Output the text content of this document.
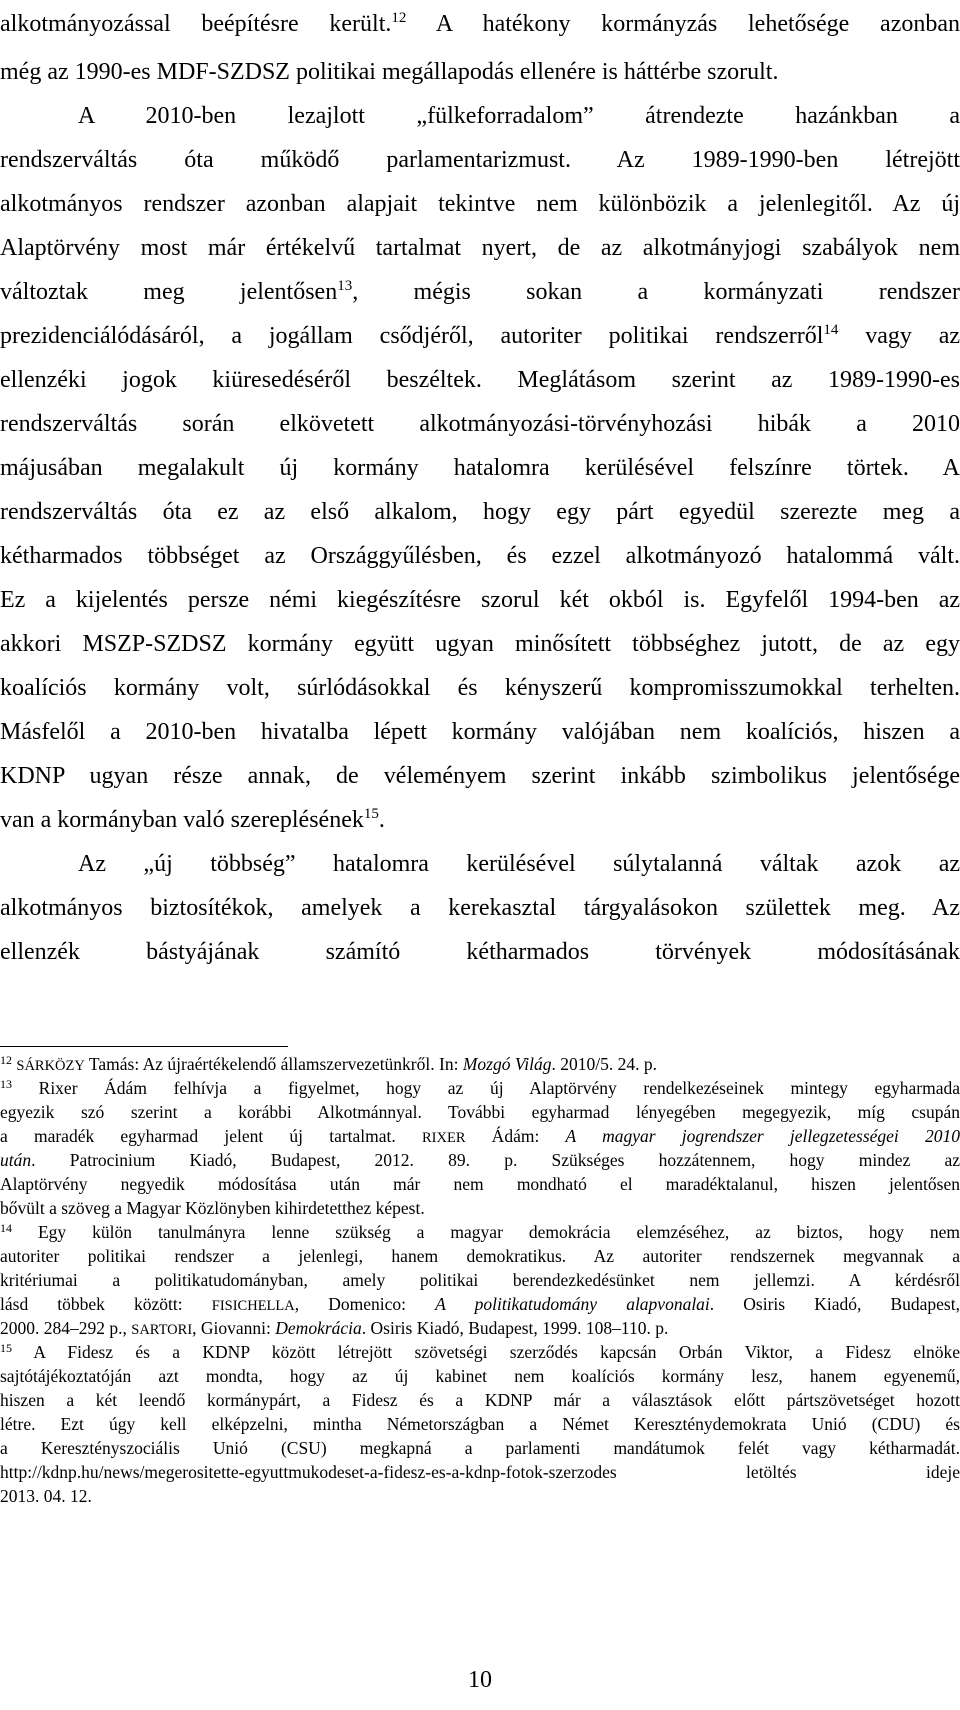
alkotmányozással beépítésre került.$^{12}$ A hatékony kormányzás lehetősége azonban
még az 1990-es MDF-SZDSZ politikai megállapodás ellenére is háttérbe szorult.
A 2010-ben lezajlott „fülkeforradalom” átrendezte hazánkban a
rendszerváltás óta működő parlamentarizmust. Az 1989-1990-ben létrejött
alkotmányos rendszer azonban alapjait tekintve nem különbözik a jelenlegitől. Az új
Alaptörvény most már értékelvű tartalmat nyert, de az alkotmányjogi szabályok nem
változtak meg jelentősen$^{13}$, mégis sokan a kormányzati rendszer
prezidenciálódásáról, a jogállam csődjéről, autoriter politikai rendszerről$^{14}$ vagy az
ellenzéki jogok kiüresedéséről beszéltek. Meglátásom szerint az 1989-1990-es
rendszerváltás során elkövetett alkotmányozási-törvényhozási hibák a 2010
májusában megalakult új kormány hatalomra kerülésével felszínre törtek. A
rendszerváltás óta ez az első alkalom, hogy egy párt egyedül szerezte meg a
kétharmados többséget az Országgyűlésben, és ezzel alkotmányozó hatalommá vált.
Ez a kijelentés persze némi kiegészítésre szorul két okból is. Egyfelől 1994-ben az
akkori MSZP-SZDSZ kormány együtt ugyan minősített többséghez jutott, de az egy
koalíciós kormány volt, súrlódásokkal és kényszerű kompromisszumokkal terhelten.
Másfelől a 2010-ben hivatalba lépett kormány valójában nem koalíciós, hiszen a
KDNP ugyan része annak, de véleményem szerint inkább szimbolikus jelentősége
van a kormányban való szereplésének$^{15}$.
Az „új többség” hatalomra kerülésével súlytalanná váltak azok az
alkotmányos biztosítékok, amelyek a kerekasztal tárgyalásokon születtek meg. Az
ellenzék bástyájának számító kétharmados törvények módosításának
$^{12}$ SÁRKÖZY Tamás: Az újraértékelendő államszervezetünkről. In: Mozgó Világ. 2010/5. 24. p.
$^{13}$ Rixer Ádám felhívja a figyelmet, hogy az új Alaptörvény rendelkezéseinek mintegy egyharmada
egyezik szó szerint a korábbi Alkotmánnyal. További egyharmad lényegében megegyezik, míg csupán
a maradék egyharmad jelent új tartalmat. RIXER Ádám: A magyar jogrendszer jellegzetességei 2010
után. Patrocinium Kiadó, Budapest, 2012. 89. p. Szükséges hozzátennem, hogy mindez az
Alaptörvény negyedik módosítása után már nem mondható el maradéktalanul, hiszen jelentősen
bővült a szöveg a Magyar Közlönyben kihirdetetthez képest.
$^{14}$ Egy külön tanulmányra lenne szükség a magyar demokrácia elemzéséhez, az biztos, hogy nem
autoriter politikai rendszer a jelenlegi, hanem demokratikus. Az autoriter rendszernek megvannak a
kritériumai a politikatudományban, amely politikai berendezkedésünket nem jellemzi. A kérdésről
lásd többek között: FISICHELLA, Domenico: A politikatudomány alapvonalai. Osiris Kiadó, Budapest,
2000. 284–292 p., SARTORI, Giovanni: Demokrácia. Osiris Kiadó, Budapest, 1999. 108–110. p.
$^{15}$ A Fidesz és a KDNP között létrejött szövetségi szerződés kapcsán Orbán Viktor, a Fidesz elnöke
sajtótájékoztatóján azt mondta, hogy az új kabinet nem koalíciós kormány lesz, hanem egyenemű,
hiszen a két leendő kormánypárt, a Fidesz és a KDNP már a választások előtt pártszövetséget hozott
létre. Ezt úgy kell elképzelni, mintha Németországban a Német Kereszténydemokrata Unió (CDU) és
a Keresztényszociális Unió (CSU) megkapná a parlamenti mandátumok felét vagy kétharmadát.
http://kdnp.hu/news/megerositette-egyuttmukodeset-a-fidesz-es-a-kdnp-fotok-szerzodes letöltés ideje
2013. 04. 12.
10
